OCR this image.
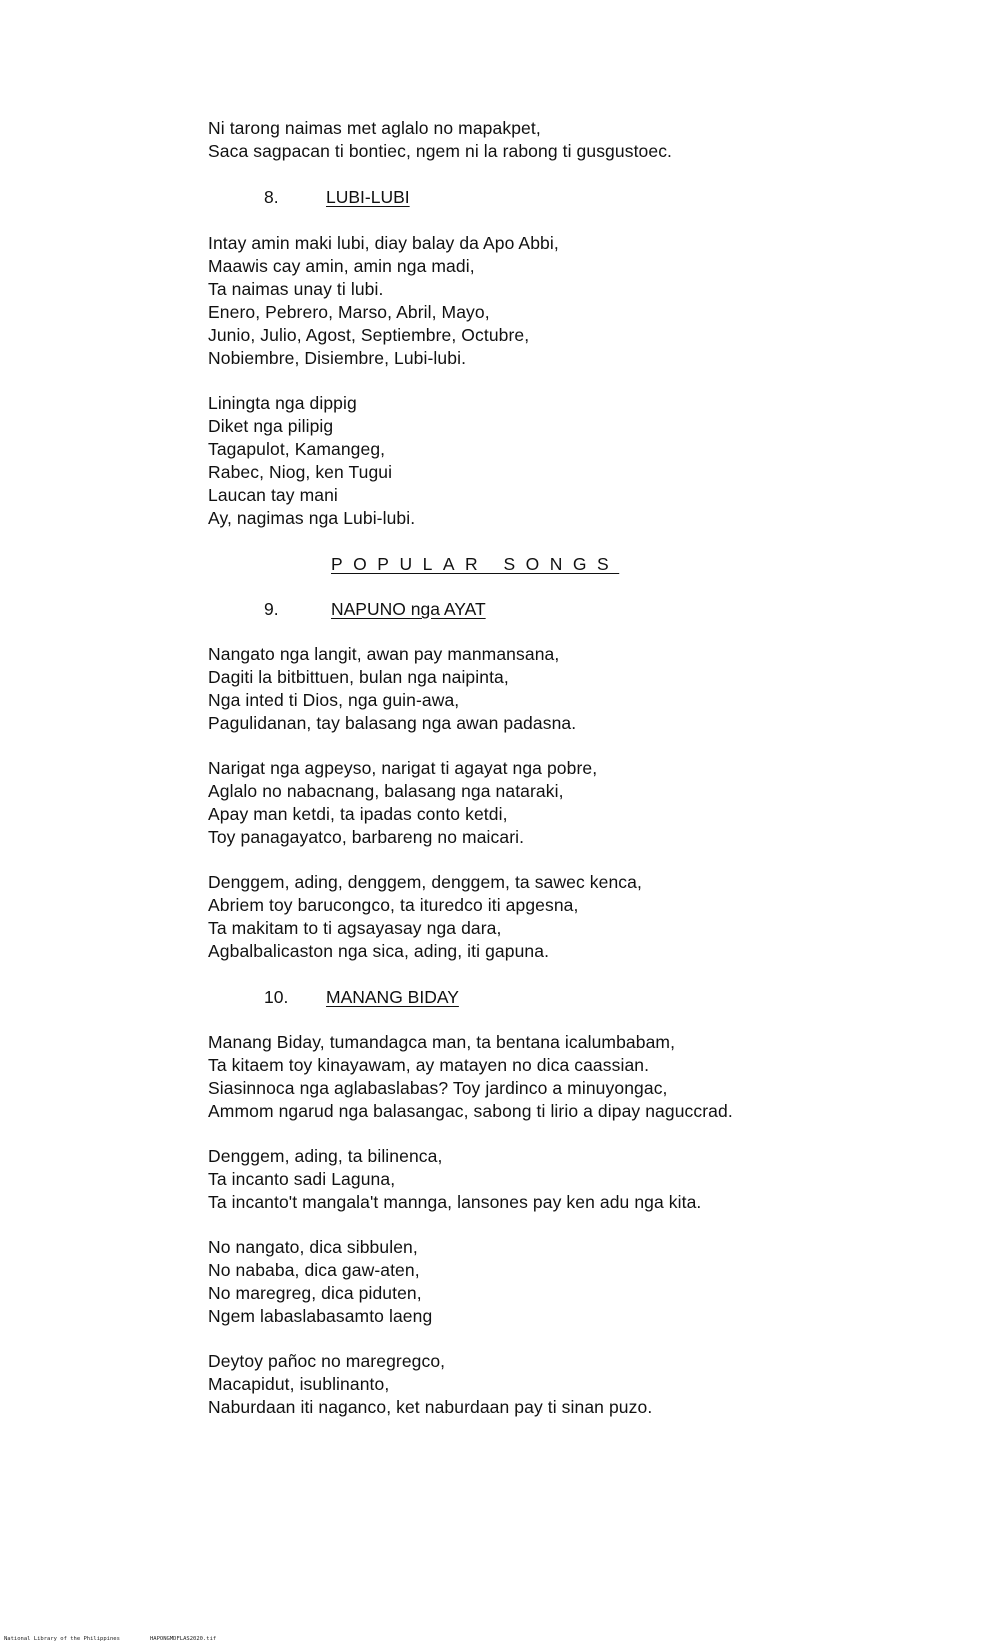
Ni tarong naimas met aglalo no mapakpet,
Saca sagpacan ti bontiec, ngem ni la rabong ti gusgustoec.
8.	LUBI-LUBI
Intay amin maki lubi, diay balay da Apo Abbi,
Maawis cay amin, amin nga madi,
Ta naimas unay ti lubi.
Enero, Pebrero, Marso, Abril, Mayo,
Junio, Julio, Agost, Septiembre, Octubre,
Nobiembre, Disiembre, Lubi-lubi.
Liningta nga dippig
Diket nga pilipig
Tagapulot, Kamangeg,
Rabec, Niog, ken Tugui
Laucan tay mani
Ay, nagimas nga Lubi-lubi.
POPULAR SONGS
9.	NAPUNO nga AYAT
Nangato nga langit, awan pay manmansana,
Dagiti la bitbittuen, bulan nga naipinta,
Nga inted ti Dios, nga guin-awa,
Pagulidanan, tay balasang nga awan padasna.
Narigat nga agpeyso, narigat ti agayat nga pobre,
Aglalo no nabacnang, balasang nga nataraki,
Apay man ketdi, ta ipadas conto ketdi,
Toy panagayatco, barbareng no maicari.
Denggem, ading, denggem, denggem, ta sawec kenca,
Abriem toy barucongco, ta ituredco iti apgesna,
Ta makitam to ti agsayasay nga dara,
Agbalbalicaston nga sica, ading, iti gapuna.
10. MANANG BIDAY
Manang Biday, tumandagca man, ta bentana icalumbabam,
Ta kitaem toy kinayawam, ay matayen no dica caassian.
Siasinnoca nga aglabaslabas? Toy jardinco a minuyongac,
Ammom ngarud nga balasangac, sabong ti lirio a dipay naguccrad.
Denggem, ading, ta bilinenca,
Ta incanto sadi Laguna,
Ta incanto't mangala't mannga, lansones pay ken adu nga kita.
No nangato, dica sibbulen,
No nababa, dica gaw-aten,
No maregreg, dica piduten,
Ngem labaslabasamto laeng
Deytoy pañoc no maregregco,
Macapidut, isublinanto,
Naburdaan iti naganco, ket naburdaan pay ti sinan puzo.
National Library of the Philippines	HAPONGMDFLAS2020.tif
